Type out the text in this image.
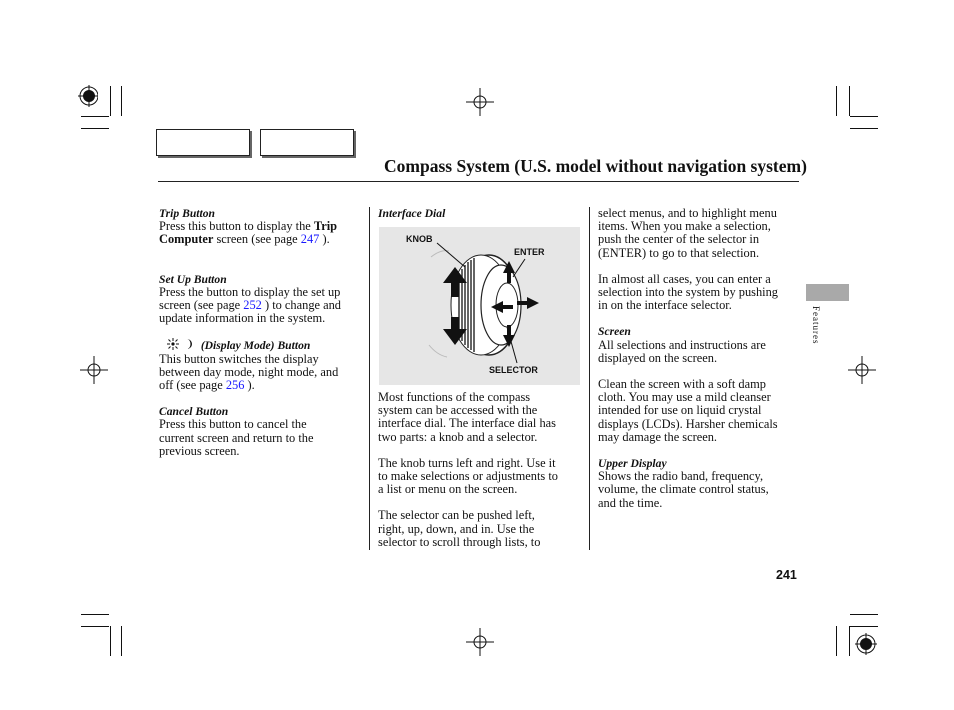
Compass System (U.S. model without navigation system)

Trip Button

Press this button to display the Trip

Computer screen (see page 247 ).

Set Up Button

Press the button to display the set up

screen (see page 252 ) to change and

update information in the system.

(Display Mode) Button

This button switches the display

between day mode, night mode, and

off (see page 256 ).

Cancel Button

Press this button to cancel the

current screen and return to the

previous screen.

Interface Dial

KNOB
ENTER
SELECTOR

Most functions of the compass

system can be accessed with the

interface dial. The interface dial has

two parts: a knob and a selector.

The knob turns left and right. Use it

to make selections or adjustments to

a list or menu on the screen.

The selector can be pushed left,

right, up, down, and in. Use the

selector to scroll through lists, to

select menus, and to highlight menu

items. When you make a selection,

push the center of the selector in

(ENTER) to go to that selection.

In almost all cases, you can enter a

selection into the system by pushing

in on the interface selector.

Screen

All selections and instructions are

displayed on the screen.

Clean the screen with a soft damp

cloth. You may use a mild cleanser

intended for use on liquid crystal

displays (LCDs). Harsher chemicals

may damage the screen.

Upper Display

Shows the radio band, frequency,

volume, the climate control status,

and the time.

Features
241
